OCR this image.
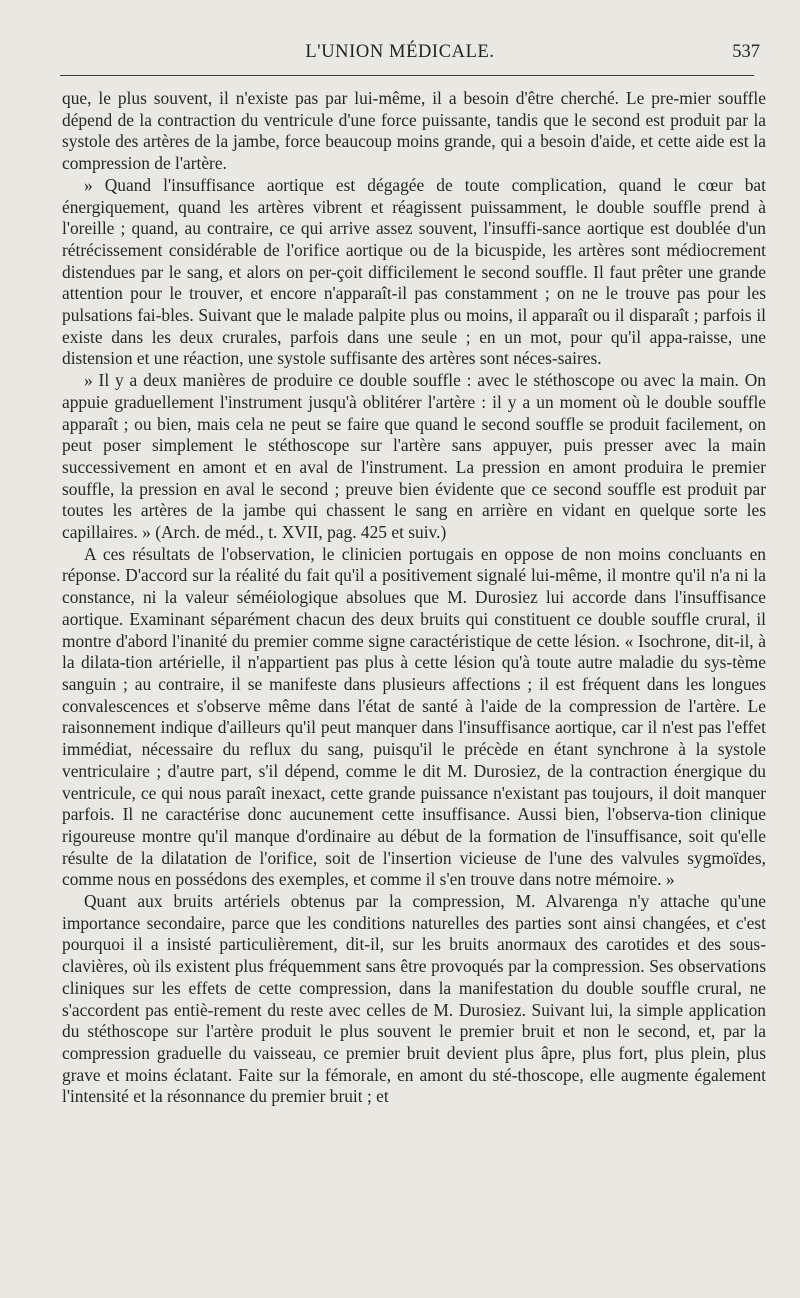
L'UNION MÉDICALE.	537

que, le plus souvent, il n'existe pas par lui-même, il a besoin d'être cherché. Le pre-mier souffle dépend de la contraction du ventricule d'une force puissante, tandis que le second est produit par la systole des artères de la jambe, force beaucoup moins grande, qui a besoin d'aide, et cette aide est la compression de l'artère.

» Quand l'insuffisance aortique est dégagée de toute complication, quand le cœur bat énergiquement, quand les artères vibrent et réagissent puissamment, le double souffle prend à l'oreille ; quand, au contraire, ce qui arrive assez souvent, l'insuffi-sance aortique est doublée d'un rétrécissement considérable de l'orifice aortique ou de la bicuspide, les artères sont médiocrement distendues par le sang, et alors on per-çoit difficilement le second souffle. Il faut prêter une grande attention pour le trouver, et encore n'apparaît-il pas constamment ; on ne le trouve pas pour les pulsations fai-bles. Suivant que le malade palpite plus ou moins, il apparaît ou il disparaît ; parfois il existe dans les deux crurales, parfois dans une seule ; en un mot, pour qu'il appa-raisse, une distension et une réaction, une systole suffisante des artères sont néces-saires.

» Il y a deux manières de produire ce double souffle : avec le stéthoscope ou avec la main. On appuie graduellement l'instrument jusqu'à oblitérer l'artère : il y a un moment où le double souffle apparaît ; ou bien, mais cela ne peut se faire que quand le second souffle se produit facilement, on peut poser simplement le stéthoscope sur l'artère sans appuyer, puis presser avec la main successivement en amont et en aval de l'instrument. La pression en amont produira le premier souffle, la pression en aval le second ; preuve bien évidente que ce second souffle est produit par toutes les artères de la jambe qui chassent le sang en arrière en vidant en quelque sorte les capillaires. » (Arch. de méd., t. XVII, pag. 425 et suiv.)

A ces résultats de l'observation, le clinicien portugais en oppose de non moins concluants en réponse. D'accord sur la réalité du fait qu'il a positivement signalé lui-même, il montre qu'il n'a ni la constance, ni la valeur séméiologique absolues que M. Durosiez lui accorde dans l'insuffisance aortique. Examinant séparément chacun des deux bruits qui constituent ce double souffle crural, il montre d'abord l'inanité du premier comme signe caractéristique de cette lésion. « Isochrone, dit-il, à la dilata-tion artérielle, il n'appartient pas plus à cette lésion qu'à toute autre maladie du sys-tème sanguin ; au contraire, il se manifeste dans plusieurs affections ; il est fréquent dans les longues convalescences et s'observe même dans l'état de santé à l'aide de la compression de l'artère. Le raisonnement indique d'ailleurs qu'il peut manquer dans l'insuffisance aortique, car il n'est pas l'effet immédiat, nécessaire du reflux du sang, puisqu'il le précède en étant synchrone à la systole ventriculaire ; d'autre part, s'il dépend, comme le dit M. Durosiez, de la contraction énergique du ventricule, ce qui nous paraît inexact, cette grande puissance n'existant pas toujours, il doit manquer parfois. Il ne caractérise donc aucunement cette insuffisance. Aussi bien, l'observa-tion clinique rigoureuse montre qu'il manque d'ordinaire au début de la formation de l'insuffisance, soit qu'elle résulte de la dilatation de l'orifice, soit de l'insertion vicieuse de l'une des valvules sygmoïdes, comme nous en possédons des exemples, et comme il s'en trouve dans notre mémoire. »

Quant aux bruits artériels obtenus par la compression, M. Alvarenga n'y attache qu'une importance secondaire, parce que les conditions naturelles des parties sont ainsi changées, et c'est pourquoi il a insisté particulièrement, dit-il, sur les bruits anormaux des carotides et des sous-clavières, où ils existent plus fréquemment sans être provoqués par la compression. Ses observations cliniques sur les effets de cette compression, dans la manifestation du double souffle crural, ne s'accordent pas entiè-rement du reste avec celles de M. Durosiez. Suivant lui, la simple application du stéthoscope sur l'artère produit le plus souvent le premier bruit et non le second, et, par la compression graduelle du vaisseau, ce premier bruit devient plus âpre, plus fort, plus plein, plus grave et moins éclatant. Faite sur la fémorale, en amont du sté-thoscope, elle augmente également l'intensité et la résonnance du premier bruit ; et
